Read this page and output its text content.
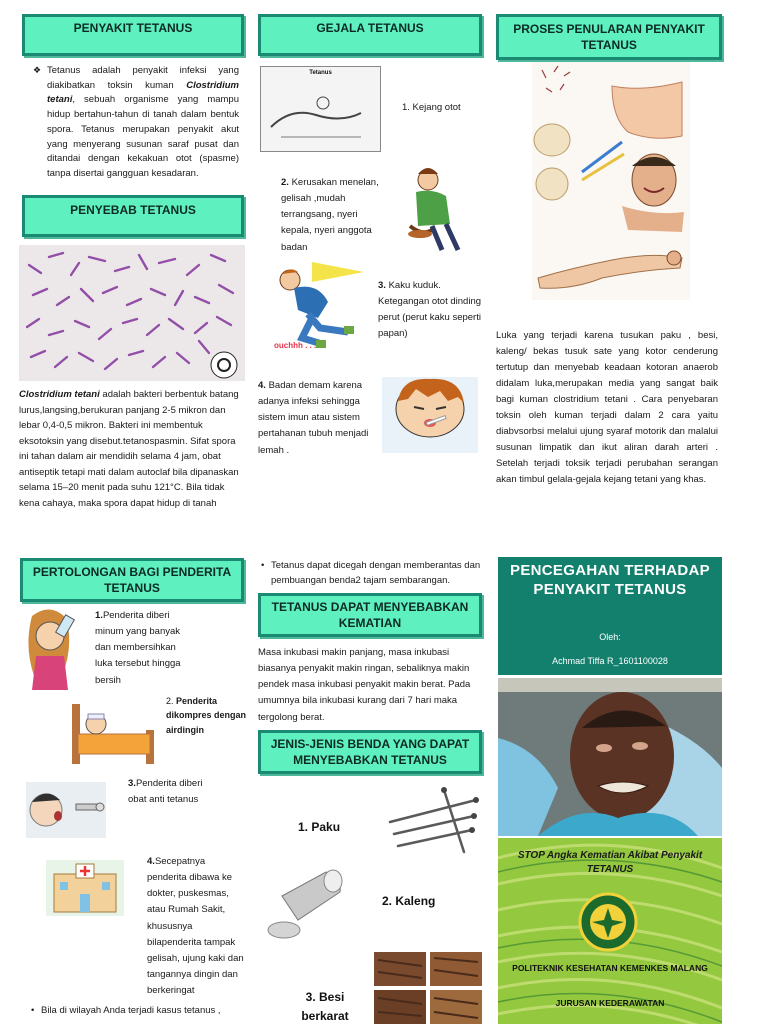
PENYAKIT TETANUS
❖ Tetanus adalah penyakit infeksi yang diakibatkan toksin kuman Clostridium tetani, sebuah organisme yang mampu hidup bertahun-tahun di tanah dalam bentuk spora. Tetanus merupakan penyakit akut yang menyerang susunan saraf pusat dan ditandai dengan kekakuan otot (spasme) tanpa disertai gangguan kesadaran.
PENYEBAB TETANUS
Clostridium tetani adalah bakteri berbentuk batang lurus,langsing,berukuran panjang 2-5 mikron dan lebar 0,4-0,5 mikron. Bakteri ini membentuk eksotoksin yang disebut.tetanospasmin. Sifat spora ini tahan dalam air mendidih selama 4 jam, obat antiseptik tetapi mati dalam autoclaf bila dipanaskan selama 15–20 menit pada suhu 121°C. Bila tidak kena cahaya, maka spora dapat hidup di tanah
GEJALA TETANUS
Tetanus
1. Kejang otot
2. Kerusakan menelan, gelisah ,mudah terrangsang, nyeri kepala, nyeri anggota badan
ouchhh . . .
3. Kaku kuduk. Ketegangan otot dinding perut (perut kaku seperti papan)
4. Badan demam karena adanya infeksi sehingga sistem imun atau sistem pertahanan tubuh menjadi lemah .
PROSES PENULARAN PENYAKIT TETANUS
Luka yang terjadi karena tusukan paku , besi, kaleng/ bekas tusuk sate yang kotor cenderung tertutup dan menyebab keadaan kotoran anaerob didalam luka,merupakan media yang sangat baik bagi kuman clostridium tetani . Cara penyebaran toksin oleh kuman terjadi dalam 2 cara yaitu diabvsorbsi melalui ujung syaraf motorik dan malalui susunan limpatik dan ikut aliran darah arteri . Setelah terjadi toksik terjadi perubahan serangan akan timbul gelala-gejala kejang tetani yang khas.
PERTOLONGAN BAGI PENDERITA TETANUS
1.Penderita diberi minum yang banyak dan membersihkan luka tersebut hingga bersih
2. Penderita dikompres dengan airdingin
3.Penderita diberi obat anti tetanus
4.Secepatnya penderita dibawa ke dokter, puskesmas, atau Rumah Sakit, khususnya bilapenderita tampak gelisah, ujung kaki dan tangannya dingin dan berkeringat
• Bila di wilayah Anda terjadi kasus tetanus ,
• Tetanus dapat dicegah dengan memberantas dan pembuangan benda2 tajam sembarangan.
TETANUS DAPAT MENYEBABKAN KEMATIAN
Masa inkubasi makin panjang, masa inkubasi biasanya penyakit makin ringan, sebaliknya makin pendek masa inkubasi penyakit makin berat. Pada umumnya bila inkubasi kurang dari 7 hari maka tergolong berat.
JENIS-JENIS BENDA YANG DAPAT MENYEBABKAN TETANUS
1. Paku
2. Kaleng
3. Besi berkarat
PENCEGAHAN TERHADAP PENYAKIT TETANUS
Oleh:
Achmad Tiffa R_1601100028
STOP Angka Kematian Akibat Penyakit TETANUS
POLITEKNIK KESEHATAN KEMENKES MALANG
JURUSAN KEDERAWATAN
